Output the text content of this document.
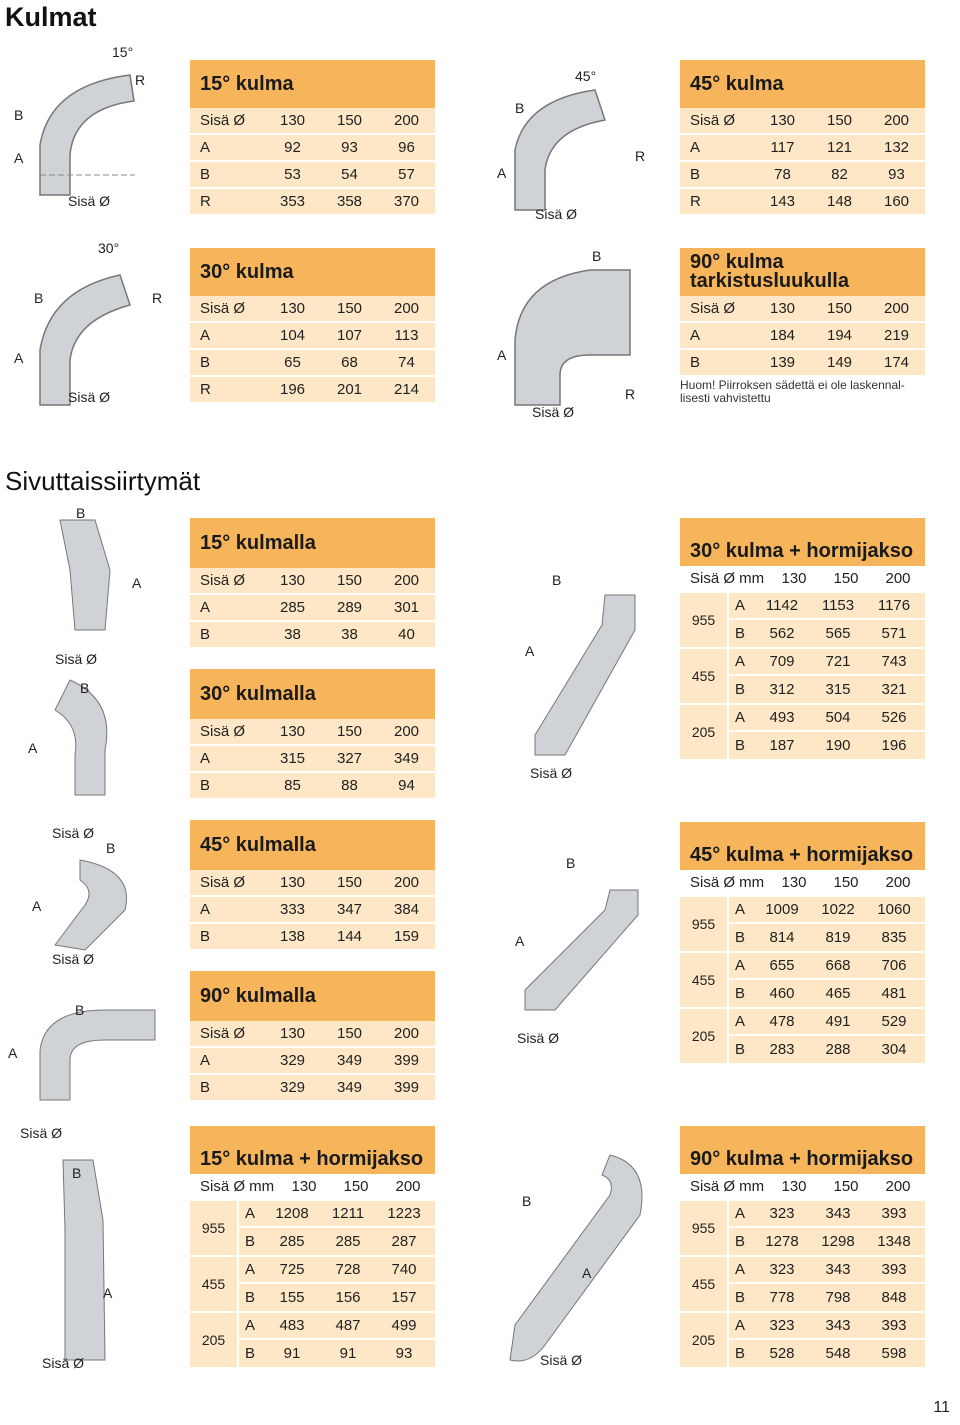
Kulmat
Sivuttaissiirtymät
11
15° kulma
Sisä Ø	130	150	200
A	92	93	96
B	53	54	57
R	353	358	370
45° kulma
Sisä Ø	130	150	200
A	117	121	132
B	78	82	93
R	143	148	160
30° kulma
Sisä Ø	130	150	200
A	104	107	113
B	65	68	74
R	196	201	214
90° kulma tarkistusluukulla
Sisä Ø	130	150	200
A	184	194	219
B	139	149	174
Huom! Piirroksen sädettä ei ole laskennal-lisesti vahvistettu
15° kulmalla
Sisä Ø	130	150	200
A	285	289	301
B	38	38	40
30° kulmalla
Sisä Ø	130	150	200
A	315	327	349
B	85	88	94
45° kulmalla
Sisä Ø	130	150	200
A	333	347	384
B	138	144	159
90° kulmalla
Sisä Ø	130	150	200
A	329	349	399
B	329	349	399
30° kulma + hormijakso
Sisä Ø mm	130	150	200
955
A	1142	1153	1176
B	562	565	571
455
A	709	721	743
B	312	315	321
205
A	493	504	526
B	187	190	196
45° kulma + hormijakso
Sisä Ø mm	130	150	200
955
A	1009	1022	1060
B	814	819	835
455
A	655	668	706
B	460	465	481
205
A	478	491	529
B	283	288	304
15° kulma + hormijakso
Sisä Ø mm	130	150	200
955
A	1208	1211	1223
B	285	285	287
455
A	725	728	740
B	155	156	157
205
A	483	487	499
B	91	91	93
90° kulma + hormijakso
Sisä Ø mm	130	150	200
955
A	323	343	393
B	1278	1298	1348
455
A	323	343	393
B	778	798	848
205
A	323	343	393
B	528	548	598
15°
R
B
A
Sisä Ø
45°
B
R
A
Sisä Ø
30°
B	R
A
Sisä Ø
B
A
R
Sisä Ø
B
A
Sisä Ø
B
A
B
A
Sisä Ø
Sisä Ø
B
A
Sisä Ø
B
A
B
A
Sisä Ø
Sisä Ø
B
A
Sisä Ø
B
A
Sisä Ø
